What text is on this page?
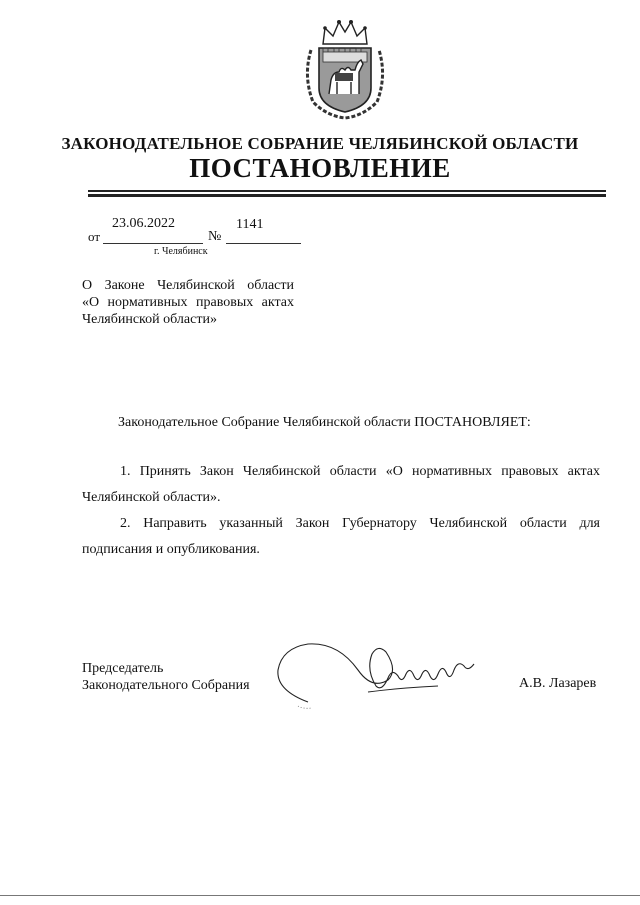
ЗАКОНОДАТЕЛЬНОЕ СОБРАНИЕ ЧЕЛЯБИНСКОЙ ОБЛАСТИ
ПОСТАНОВЛЕНИЕ
от
23.06.2022
№
1141
г. Челябинск
О Законе Челябинской области
«О нормативных правовых актах
Челябинской области»
Законодательное Собрание Челябинской области ПОСТАНОВЛЯЕТ:
1. Принять Закон Челябинской области «О нормативных правовых актах Челябинской области».
2. Направить указанный Закон Губернатору Челябинской области для подписания и опубликования.
Председатель
Законодательного Собрания	А.В. Лазарев
